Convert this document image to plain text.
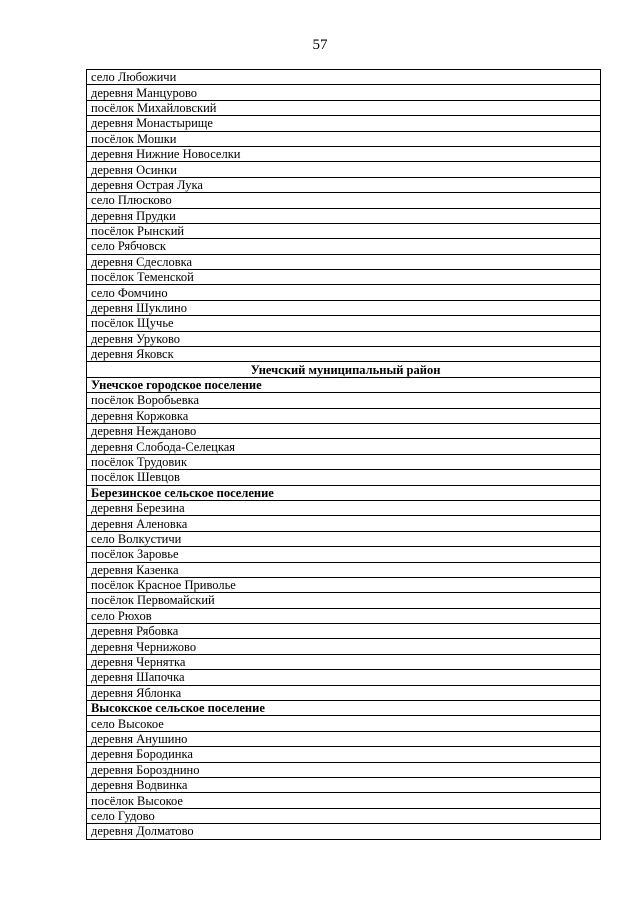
57
село Любожичи
деревня Манцурово
посёлок Михайловский
деревня Монастырище
посёлок Мошки
деревня Нижние Новоселки
деревня Осинки
деревня Острая Лука
село Плюсково
деревня Прудки
посёлок Рынский
село Рябчовск
деревня Сдесловка
посёлок Теменской
село Фомчино
деревня Шуклино
посёлок Щучье
деревня Уруково
деревня Яковск
Унечский муниципальный район
Унечское городское поселение
посёлок Воробьевка
деревня Коржовка
деревня Нежданово
деревня Слобода-Селецкая
посёлок Трудовик
посёлок Шевцов
Березинское сельское поселение
деревня Березина
деревня Аленовка
село Волкустичи
посёлок Заровье
деревня Казенка
посёлок Красное Приволье
посёлок Первомайский
село Рюхов
деревня Рябовка
деревня Чернижово
деревня Чернятка
деревня Шапочка
деревня Яблонка
Высокское сельское поселение
село Высокое
деревня Анушино
деревня Бородинка
деревня Борозднино
деревня Водвинка
посёлок Высокое
село Гудово
деревня Долматово
